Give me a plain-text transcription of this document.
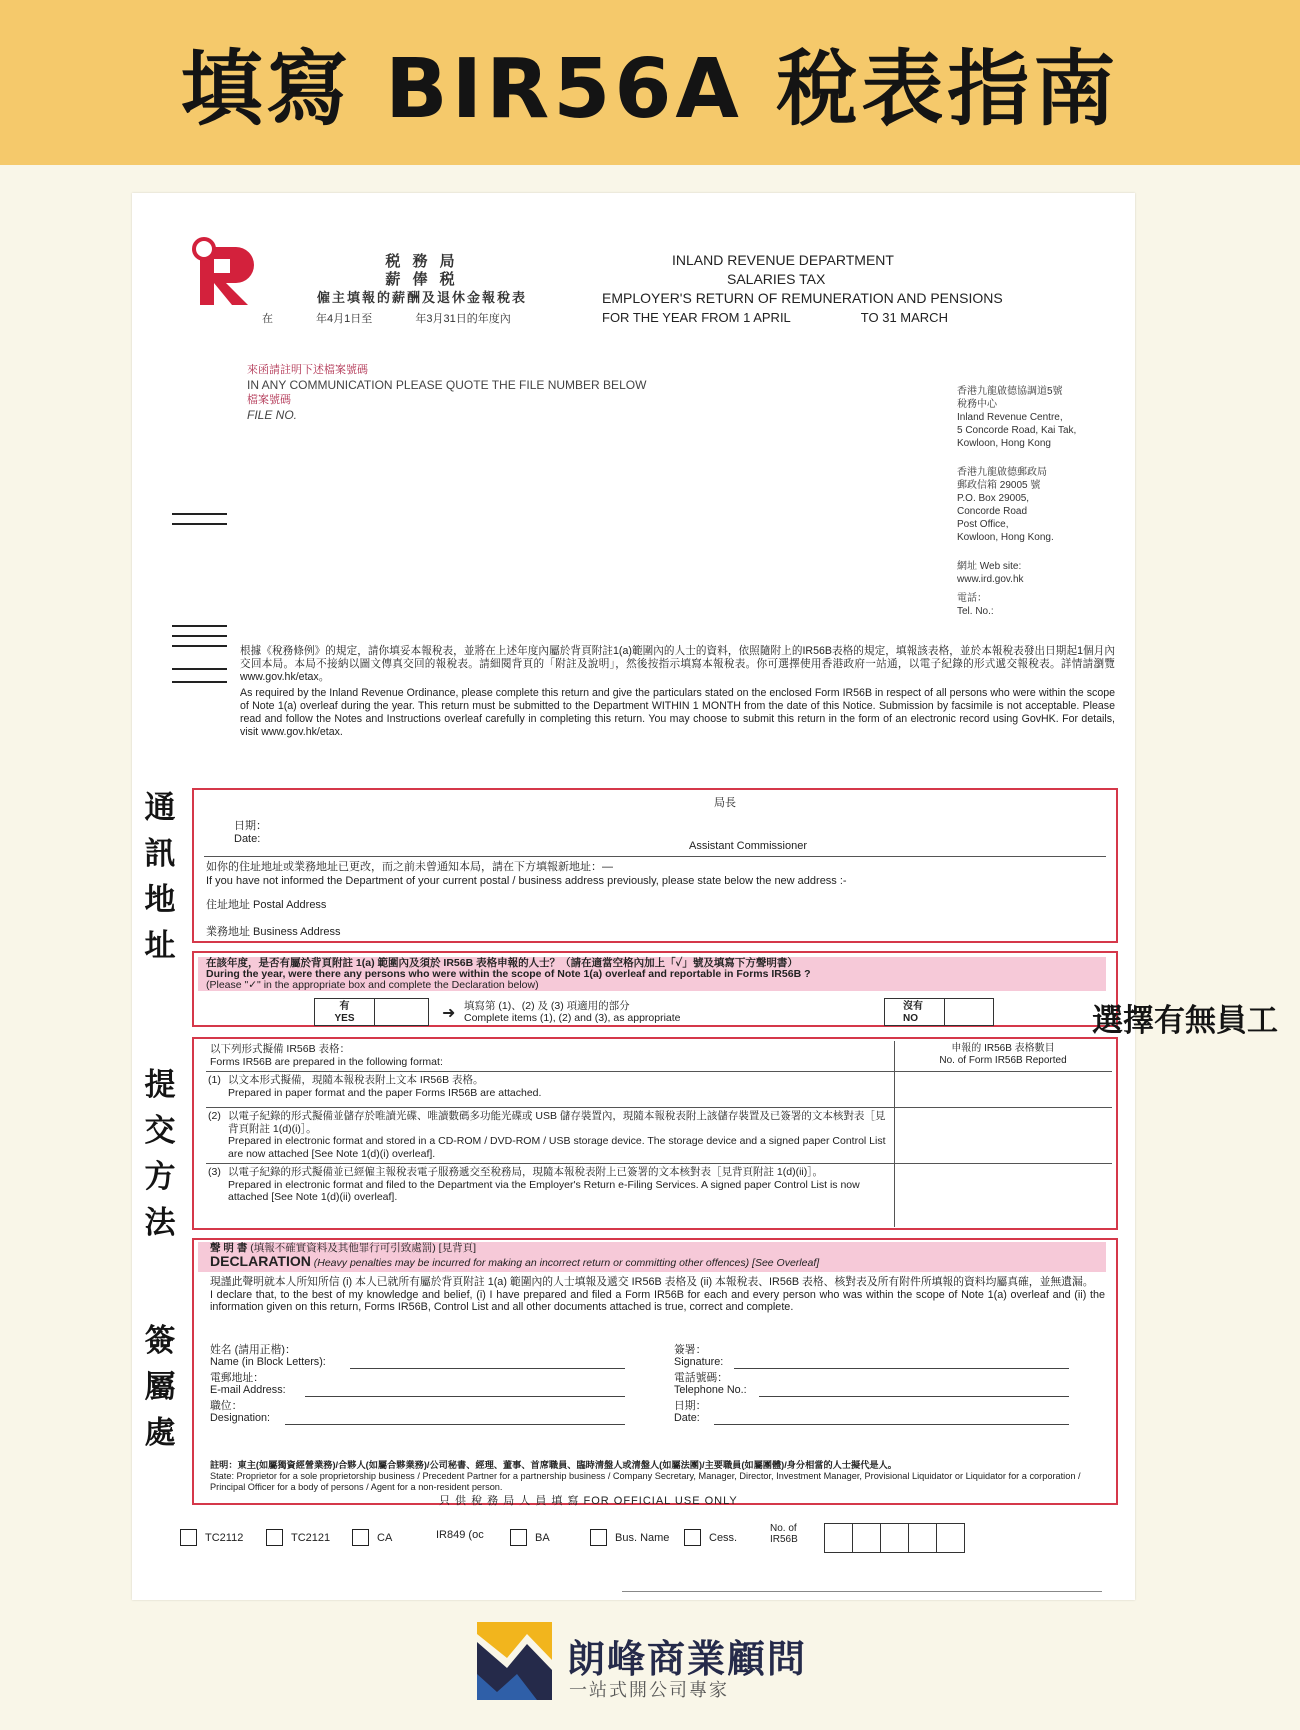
填寫 BIR56A 稅表指南
税 務 局
薪 俸 税
僱主填報的薪酬及退休金報稅表
在 年4月1日至 年3月31日的年度內
INLAND REVENUE DEPARTMENT
SALARIES TAX
EMPLOYER'S RETURN OF REMUNERATION AND PENSIONS
FOR THE YEAR FROM 1 APRIL	TO 31 MARCH
來函請註明下述檔案號碼
IN ANY COMMUNICATION PLEASE QUOTE THE FILE NUMBER BELOW
檔案號碼
FILE NO.

香港九龍啟德協調道5號

稅務中心

Inland Revenue Centre,

5 Concorde Road, Kai Tak,

Kowloon, Hong Kong

香港九龍啟德郵政局

郵政信箱 29005 號

P.O. Box 29005,

Concorde Road

Post Office,

Kowloon, Hong Kong.

網址 Web site:

www.ird.gov.hk

電話：

Tel. No.:

根據《稅務條例》的規定，請你填妥本報稅表，並將在上述年度內屬於背頁附註1(a)範圍內的人士的資料，依照隨附上的IR56B表格的規定，填報該表格，並於本報稅表發出日期起1個月內交回本局。本局不接納以圖文傳真交回的報稅表。請細閱背頁的「附註及說明」，然後按指示填寫本報稅表。你可選擇使用香港政府一站通，以電子紀錄的形式遞交報稅表。詳情請瀏覽 www.gov.hk/etax。
As required by the Inland Revenue Ordinance, please complete this return and give the particulars stated on the enclosed Form IR56B in respect of all persons who were within the scope of Note 1(a) overleaf during the year. This return must be submitted to the Department WITHIN 1 MONTH from the date of this Notice. Submission by facsimile is not acceptable. Please read and follow the Notes and Instructions overleaf carefully in completing this return. You may choose to submit this return in the form of an electronic record using GovHK. For details, visit www.gov.hk/etax.
局長
日期：
Date:
Assistant Commissioner
如你的住址地址或業務地址已更改，而之前未曾通知本局，請在下方填報新地址：—
If you have not informed the Department of your current postal / business address previously, please state below the new address :-
住址地址 Postal Address
業務地址 Business Address
在該年度，是否有屬於背頁附註 1(a) 範圍內及須於 IR56B 表格申報的人士？（請在適當空格內加上「✓」號及填寫下方聲明書）
During the year, were there any persons who were within the scope of Note 1(a) overleaf and reportable in Forms IR56B ?
(Please "✓" in the appropriate box and complete the Declaration below)
有
YES	➜ 填寫第 (1)、(2) 及 (3) 項適用的部分
Complete items (1), (2) and (3), as appropriate
沒有
NO
以下列形式擬備 IR56B 表格：
Forms IR56B are prepared in the following format:
申報的 IR56B 表格數目
No. of Form IR56B Reported
(1) 以文本形式擬備，現隨本報稅表附上文本 IR56B 表格。
Prepared in paper format and the paper Forms IR56B are attached.
(2) 以電子紀錄的形式擬備並儲存於唯讀光碟、唯讀數碼多功能光碟或 USB 儲存裝置內，現隨本報稅表附上該儲存裝置及已簽署的文本核對表［見背頁附註 1(d)(i)］。
Prepared in electronic format and stored in a CD-ROM / DVD-ROM / USB storage device. The storage device and a signed paper Control List are now attached [See Note 1(d)(i) overleaf].
(3) 以電子紀錄的形式擬備並已經僱主報稅表電子服務遞交至稅務局，現隨本報稅表附上已簽署的文本核對表［見背頁附註 1(d)(ii)］。
Prepared in electronic format and filed to the Department via the Employer's Return e-Filing Services. A signed paper Control List is now attached [See Note 1(d)(ii) overleaf].
聲 明 書 (填報不確實資料及其他罪行可引致處罰) [見背頁]
DECLARATION (Heavy penalties may be incurred for making an incorrect return or committing other offences) [See Overleaf]
現謹此聲明就本人所知所信 (i) 本人已就所有屬於背頁附註 1(a) 範圍內的人士填報及遞交 IR56B 表格及 (ii) 本報稅表、IR56B 表格、核對表及所有附件所填報的資料均屬真確，並無遺漏。
I declare that, to the best of my knowledge and belief, (i) I have prepared and filed a Form IR56B for each and every person who was within the scope of Note 1(a) overleaf and (ii) the information given on this return, Forms IR56B, Control List and all other documents attached is true, correct and complete.
姓名 (請用正楷)：
Name (in Block Letters):
簽署：
Signature:
電郵地址：
E-mail Address:
電話號碼：
Telephone No.:
職位：
Designation:
日期：
Date:
註明：東主(如屬獨資經營業務)/合夥人(如屬合夥業務)/公司秘書、經理、董事、首席職員、臨時清盤人或清盤人(如屬法團)/主要職員(如屬團體)/身分相當的人士擬代是人。
State: Proprietor for a sole proprietorship business / Precedent Partner for a partnership business / Company Secretary, Manager, Director, Investment Manager, Provisional Liquidator or Liquidator for a corporation / Principal Officer for a body of persons / Agent for a non-resident person.
只 供 稅 務 局 人 員 填 寫 FOR OFFICIAL USE ONLY
TC2112	TC2121	CA	IR849 (oc	BA	Bus. Name	Cess.
No. of
IR56B
通訊地址
選擇有無員工
提交方法
簽屬處
朗峰商業顧問
一站式開公司專家
